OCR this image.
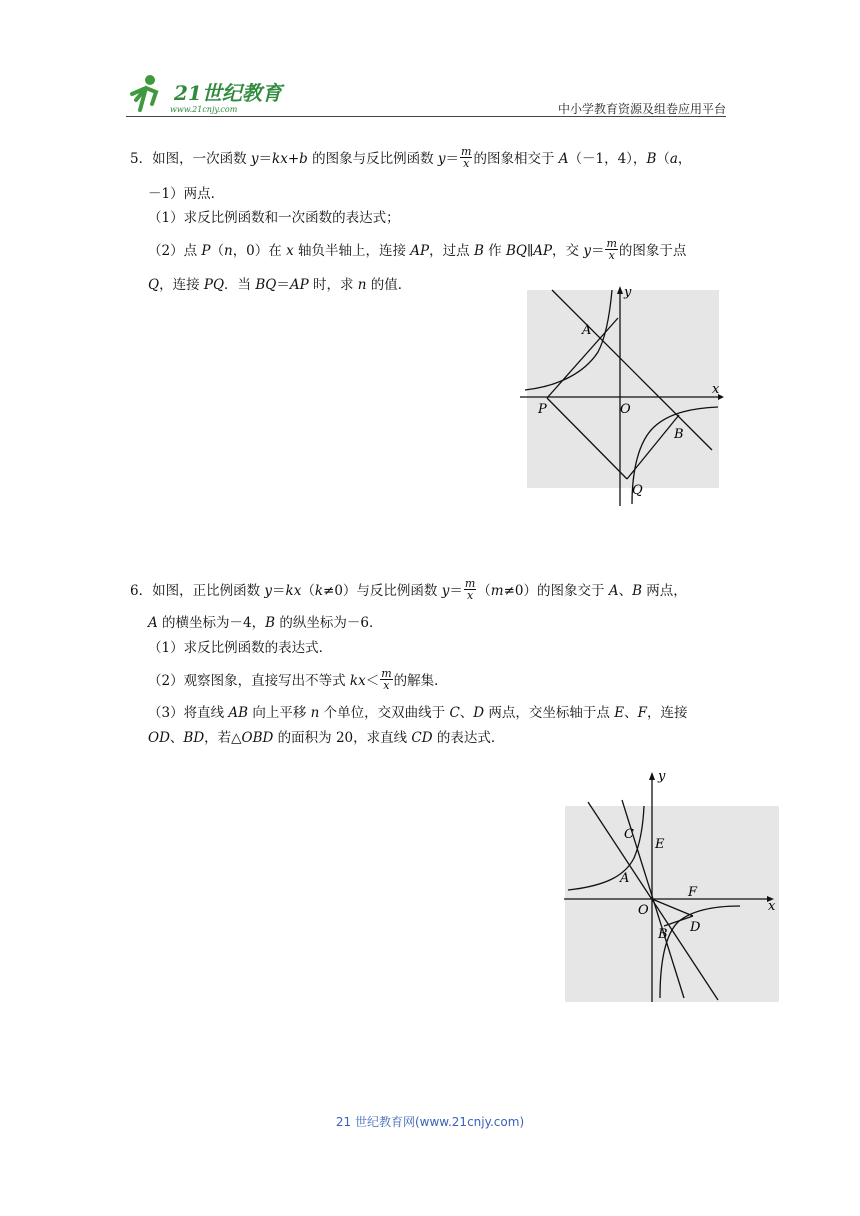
21世纪教育
www.21cnjy.com	中小学教育资源及组卷应用平台
5．如图，一次函数 y＝kx+b 的图象与反比例函数 $y= \frac{m}{x}$ 的图象相交于 A（－1，4），B（a，
－1）两点．
（1）求反比例函数和一次函数的表达式；
（2）点 P（n，0）在 x 轴负半轴上，连接 AP，过点 B 作 BQ∥AP，交 $y= \frac{m}{x}$ 的图象于点
Q，连接 PQ．当 BQ＝AP 时，求 n 的值．	y
x
A
P	O
B
Q
6．如图，正比例函数 y＝kx（k≠0）与反比例函数 $y= \frac{m}{x} (m\ne 0)$的图象交于 A、B 两点，
A 的横坐标为－4，B 的纵坐标为－6．
（1）求反比例函数的表达式．
（2）观察图象，直接写出不等式 $kx< \frac{m}{x}$ 的解集．
（3）将直线 AB 向上平移 n 个单位，交双曲线于 C、D 两点，交坐标轴于点 E、F，连接
OD、BD，若△OBD 的面积为 20，求直线 CD 的表达式．
y
x
C
E
A
F
O
B D
21 世纪教育网(www.21cnjy.com)
